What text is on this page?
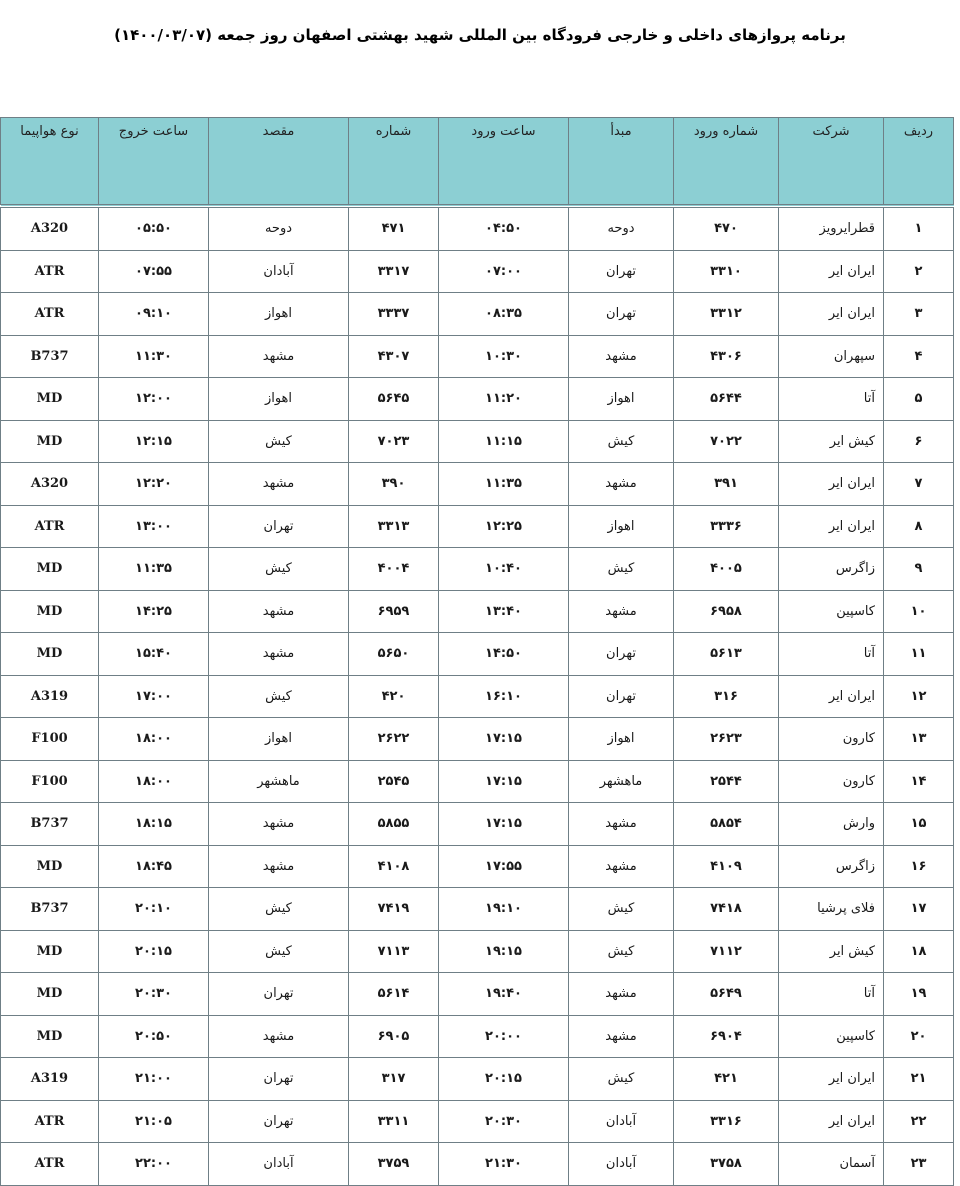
برنامه پروازهای داخلی و خارجی فرودگاه بین المللی شهید بهشتی اصفهان روز جمعه (۱۴۰۰/۰۳/۰۷)
ردیف	شرکت	شماره ورود	مبدأ	ساعت ورود	شماره	مقصد	ساعت خروج	نوع هواپیما
۱	قطرایرویز	۴۷۰	دوحه	۰۴:۵۰	۴۷۱	دوحه	۰۵:۵۰	A320
۲	ایران ایر	۳۳۱۰	تهران	۰۷:۰۰	۳۳۱۷	آبادان	۰۷:۵۵	ATR
۳	ایران ایر	۳۳۱۲	تهران	۰۸:۳۵	۳۳۳۷	اهواز	۰۹:۱۰	ATR
۴	سپهران	۴۳۰۶	مشهد	۱۰:۳۰	۴۳۰۷	مشهد	۱۱:۳۰	B737
۵	آتا	۵۶۴۴	اهواز	۱۱:۲۰	۵۶۴۵	اهواز	۱۲:۰۰	MD
۶	کیش ایر	۷۰۲۲	کیش	۱۱:۱۵	۷۰۲۳	کیش	۱۲:۱۵	MD
۷	ایران ایر	۳۹۱	مشهد	۱۱:۳۵	۳۹۰	مشهد	۱۲:۲۰	A320
۸	ایران ایر	۳۳۳۶	اهواز	۱۲:۲۵	۳۳۱۳	تهران	۱۳:۰۰	ATR
۹	زاگرس	۴۰۰۵	کیش	۱۰:۴۰	۴۰۰۴	کیش	۱۱:۳۵	MD
۱۰	کاسپین	۶۹۵۸	مشهد	۱۳:۴۰	۶۹۵۹	مشهد	۱۴:۲۵	MD
۱۱	آتا	۵۶۱۳	تهران	۱۴:۵۰	۵۶۵۰	مشهد	۱۵:۴۰	MD
۱۲	ایران ایر	۳۱۶	تهران	۱۶:۱۰	۴۲۰	کیش	۱۷:۰۰	A319
۱۳	کارون	۲۶۲۳	اهواز	۱۷:۱۵	۲۶۲۲	اهواز	۱۸:۰۰	F100
۱۴	کارون	۲۵۴۴	ماهشهر	۱۷:۱۵	۲۵۴۵	ماهشهر	۱۸:۰۰	F100
۱۵	وارش	۵۸۵۴	مشهد	۱۷:۱۵	۵۸۵۵	مشهد	۱۸:۱۵	B737
۱۶	زاگرس	۴۱۰۹	مشهد	۱۷:۵۵	۴۱۰۸	مشهد	۱۸:۴۵	MD
۱۷	فلای پرشیا	۷۴۱۸	کیش	۱۹:۱۰	۷۴۱۹	کیش	۲۰:۱۰	B737
۱۸	کیش ایر	۷۱۱۲	کیش	۱۹:۱۵	۷۱۱۳	کیش	۲۰:۱۵	MD
۱۹	آتا	۵۶۴۹	مشهد	۱۹:۴۰	۵۶۱۴	تهران	۲۰:۳۰	MD
۲۰	کاسپین	۶۹۰۴	مشهد	۲۰:۰۰	۶۹۰۵	مشهد	۲۰:۵۰	MD
۲۱	ایران ایر	۴۲۱	کیش	۲۰:۱۵	۳۱۷	تهران	۲۱:۰۰	A319
۲۲	ایران ایر	۳۳۱۶	آبادان	۲۰:۳۰	۳۳۱۱	تهران	۲۱:۰۵	ATR
۲۳	آسمان	۳۷۵۸	آبادان	۲۱:۳۰	۳۷۵۹	آبادان	۲۲:۰۰	ATR
